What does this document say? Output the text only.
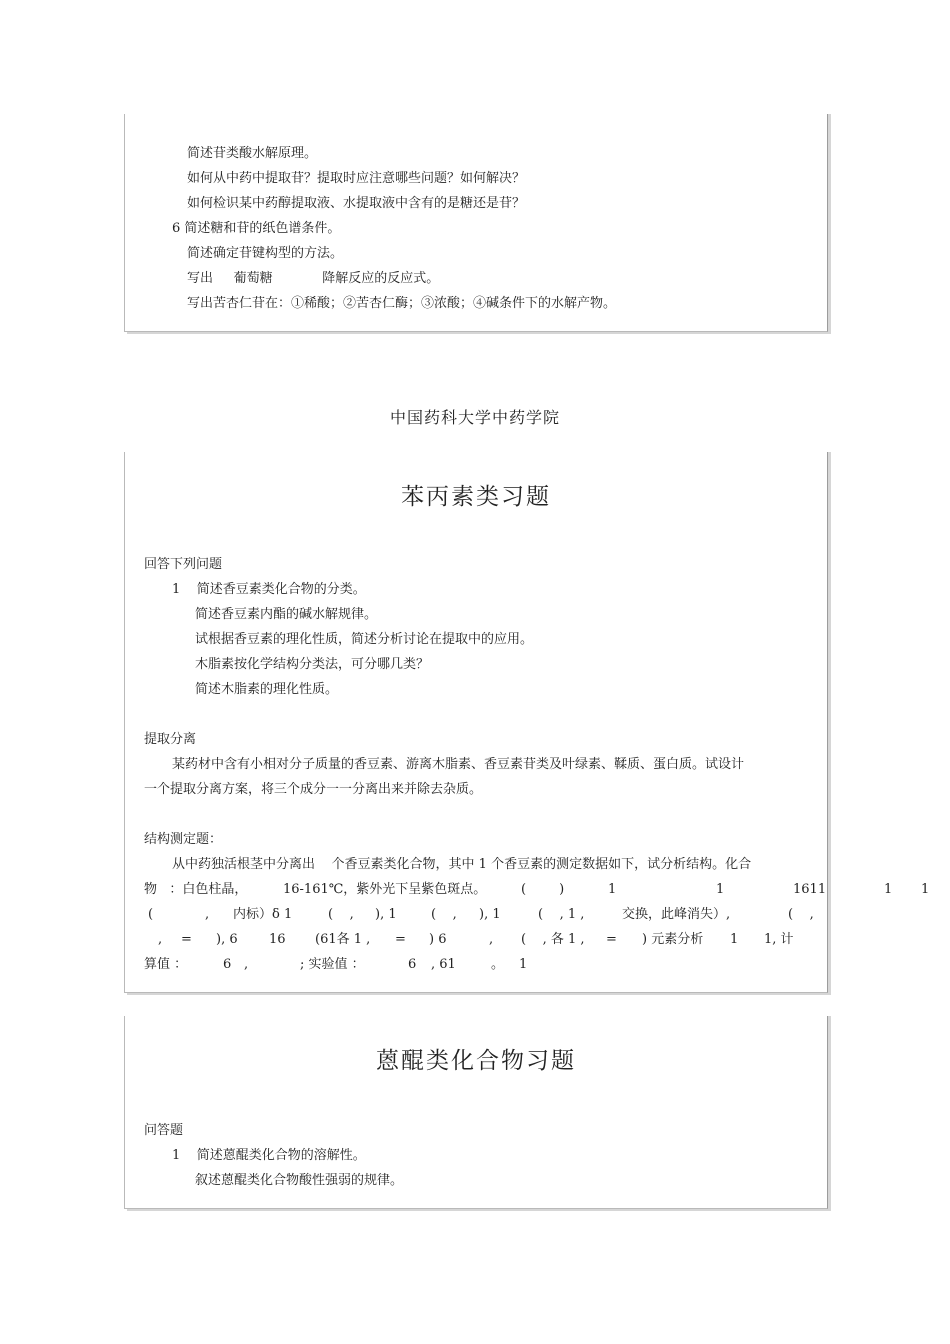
简述苷类酸水解原理。
如何从中药中提取苷？提取时应注意哪些问题？如何解决？
如何检识某中药醇提取液、水提取液中含有的是糖还是苷？
6 简述糖和苷的纸色谱条件。
简述确定苷键构型的方法。
写出     葡萄糖            降解反应的反应式。
写出苦杏仁苷在：①稀酸；②苦杏仁酶；③浓酸；④碱条件下的水解产物。
中国药科大学中药学院
苯丙素类习题
回答下列问题
1    简述香豆素类化合物的分类。
简述香豆素内酯的碱水解规律。
试根据香豆素的理化性质，简述分析讨论在提取中的应用。
木脂素按化学结构分类法，可分哪几类？
简述木脂素的理化性质。
提取分离
某药材中含有小相对分子质量的香豆素、游离木脂素、香豆素苷类及叶绿素、鞣质、蛋白质。试设计
一个提取分离方案，将三个成分一一分离出来并除去杂质。
结构测定题：
从中药独活根茎中分离出    个香豆素类化合物，其中 1 个香豆素的测定数据如下，试分析结构。化合
物   ：白色柱晶，	16-161℃，紫外光下呈紫色斑点。	(        )	1	1	1611	1 1
(	, 内标）δ 1	(    , ), 1	(    , ), 1	(    , 1 ,	交换，此峰消失）,	(    ,
, = ), 6 16 (61各 1 , = ) 6	, (    , 各 1 , = ) 元素分析 1 1, 计
算值 ：	6 ,	; 实验值 ：	6 , 61	。 1
蒽醌类化合物习题
问答题
1    简述蒽醌类化合物的溶解性。
叙述蒽醌类化合物酸性强弱的规律。
